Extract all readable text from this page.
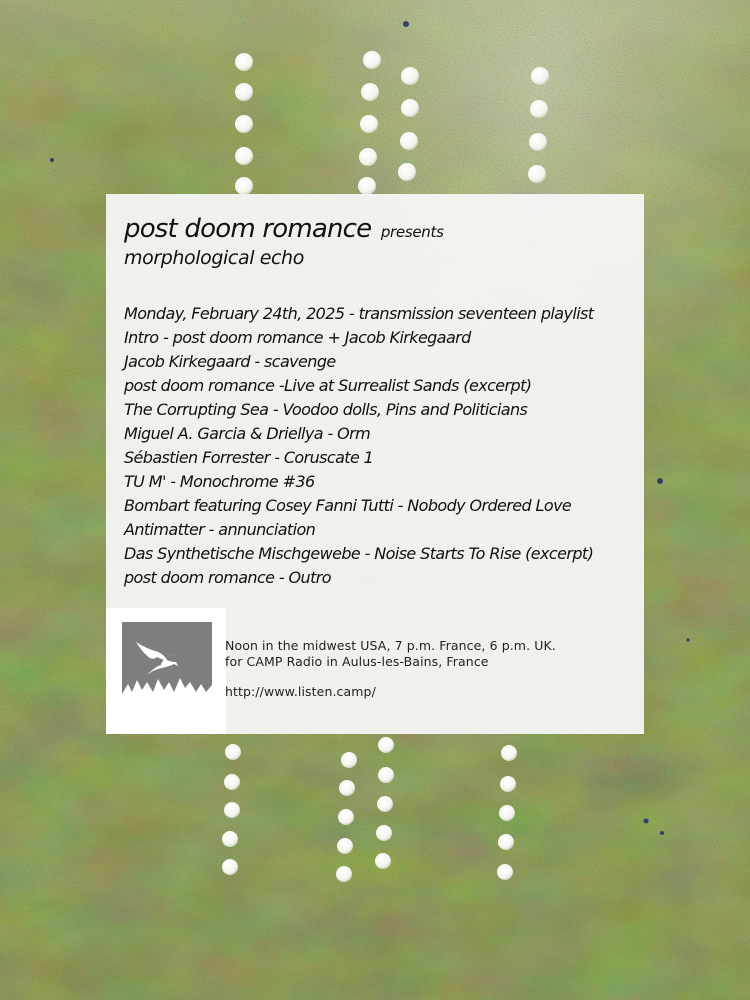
post doom romance presents
morphological echo
Monday, February 24th, 2025 - transmission seventeen playlist
Intro - post doom romance + Jacob Kirkegaard
Jacob Kirkegaard - scavenge
post doom romance -Live at Surrealist Sands (excerpt)
The Corrupting Sea - Voodoo dolls, Pins and Politicians
Miguel A. Garcia & Driellya - Orm
Sébastien Forrester - Coruscate 1
TU M' - Monochrome #36
Bombart featuring Cosey Fanni Tutti - Nobody Ordered Love
Antimatter - annunciation
Das Synthetische Mischgewebe - Noise Starts To Rise (excerpt)
post doom romance - Outro
Noon in the midwest USA, 7 p.m. France, 6 p.m. UK.
for CAMP Radio in Aulus-les-Bains, France
http://www.listen.camp/
